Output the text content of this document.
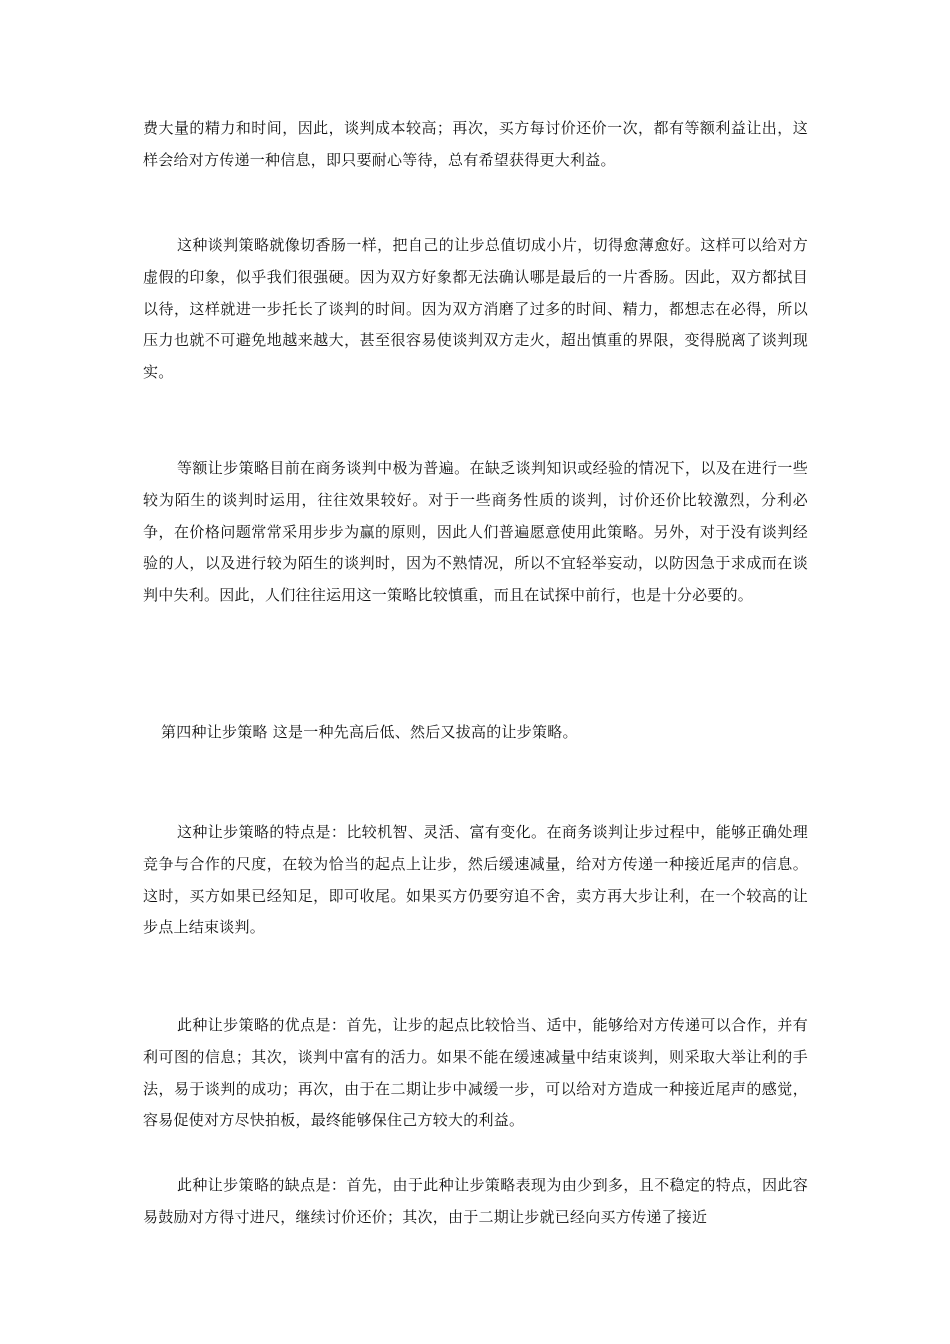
费大量的精力和时间，因此，谈判成本较高；再次，买方每讨价还价一次，都有等额利益让出，这样会给对方传递一种信息，即只要耐心等待，总有希望获得更大利益。

这种谈判策略就像切香肠一样，把自己的让步总值切成小片，切得愈薄愈好。这样可以给对方虚假的印象，似乎我们很强硬。因为双方好象都无法确认哪是最后的一片香肠。因此，双方都拭目以待，这样就进一步托长了谈判的时间。因为双方消磨了过多的时间、精力，都想志在必得，所以压力也就不可避免地越来越大，甚至很容易使谈判双方走火，超出慎重的界限，变得脱离了谈判现实。

等额让步策略目前在商务谈判中极为普遍。在缺乏谈判知识或经验的情况下，以及在进行一些较为陌生的谈判时运用，往往效果较好。对于一些商务性质的谈判，讨价还价比较激烈，分利必争，在价格问题常常采用步步为赢的原则，因此人们普遍愿意使用此策略。另外，对于没有谈判经验的人，以及进行较为陌生的谈判时，因为不熟情况，所以不宜轻举妄动，以防因急于求成而在谈判中失利。因此，人们往往运用这一策略比较慎重，而且在试探中前行，也是十分必要的。

第四种让步策略 这是一种先高后低、然后又拔高的让步策略。

这种让步策略的特点是：比较机智、灵活、富有变化。在商务谈判让步过程中，能够正确处理竞争与合作的尺度，在较为恰当的起点上让步，然后缓速减量，给对方传递一种接近尾声的信息。这时，买方如果已经知足，即可收尾。如果买方仍要穷追不舍，卖方再大步让利，在一个较高的让步点上结束谈判。

此种让步策略的优点是：首先，让步的起点比较恰当、适中，能够给对方传递可以合作，并有利可图的信息；其次，谈判中富有的活力。如果不能在缓速减量中结束谈判，则采取大举让利的手法，易于谈判的成功；再次，由于在二期让步中减缓一步，可以给对方造成一种接近尾声的感觉，容易促使对方尽快拍板，最终能够保住己方较大的利益。

此种让步策略的缺点是：首先，由于此种让步策略表现为由少到多，且不稳定的特点，因此容易鼓励对方得寸进尺，继续讨价还价；其次，由于二期让步就已经向买方传递了接近
